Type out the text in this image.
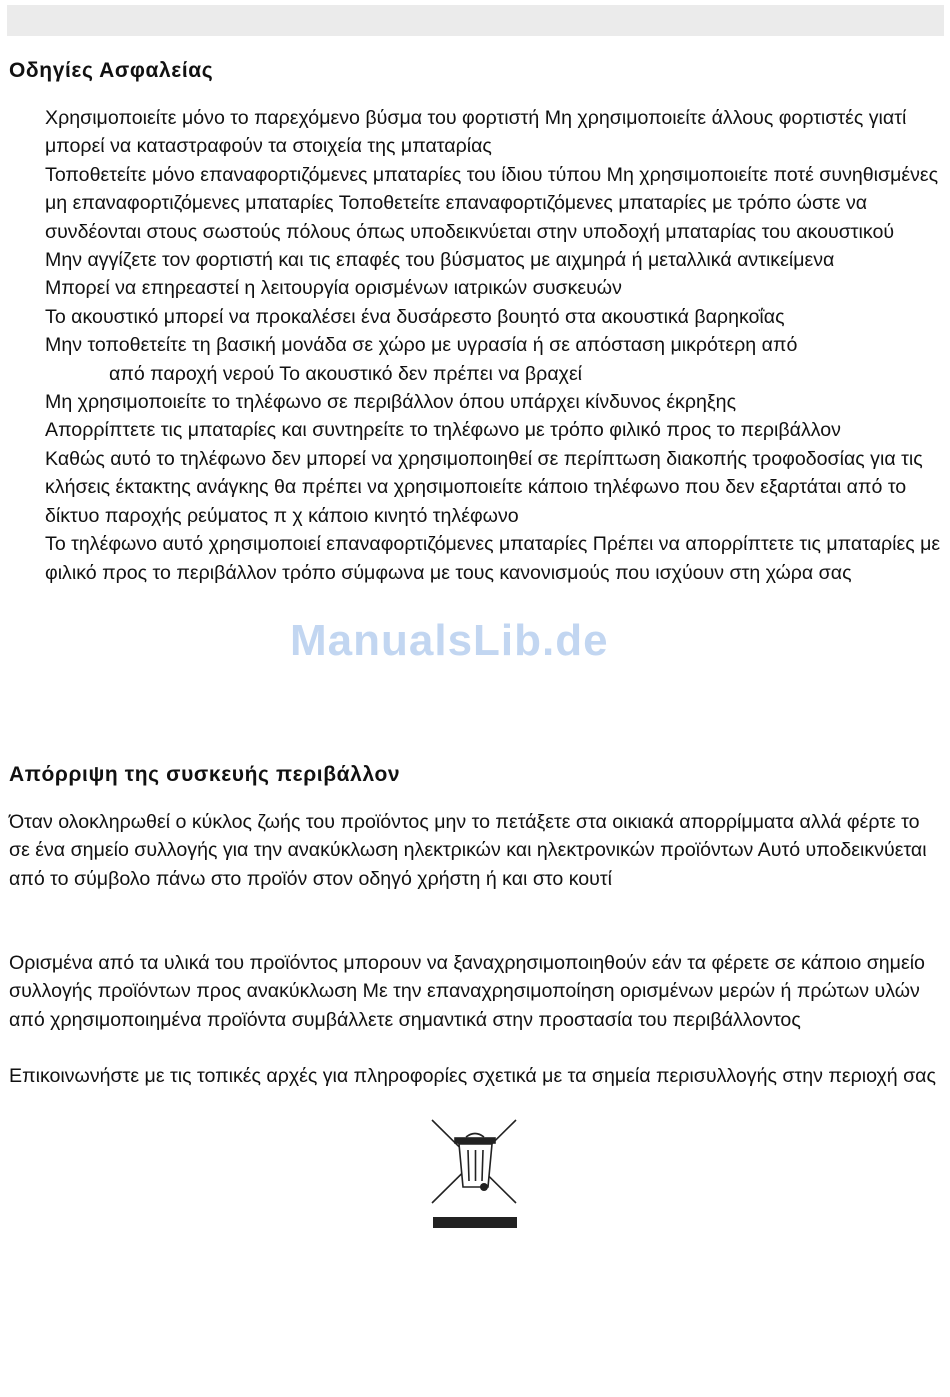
Οδηγίες Ασφαλείας
Χρησιμοποιείτε μόνο το παρεχόμενο βύσμα του φορτιστή Μη χρησιμοποιείτε άλλους φορτιστές γιατί μπορεί να καταστραφούν τα στοιχεία της μπαταρίας
Τοποθετείτε μόνο επαναφορτιζόμενες μπαταρίες του ίδιου τύπου Μη χρησιμοποιείτε ποτέ συνηθισμένες μη επαναφορτιζόμενες μπαταρίες Τοποθετείτε επαναφορτιζόμενες μπαταρίες με τρόπο ώστε να συνδέονται στους σωστούς πόλους όπως υποδεικνύεται στην υποδοχή μπαταρίας του ακουστικού
Μην αγγίζετε τον φορτιστή και τις επαφές του βύσματος με αιχμηρά ή μεταλλικά αντικείμενα
Μπορεί να επηρεαστεί η λειτουργία ορισμένων ιατρικών συσκευών
Το ακουστικό μπορεί να προκαλέσει ένα δυσάρεστο βουητό στα ακουστικά βαρηκοΐας
Μην τοποθετείτε τη βασική μονάδα σε χώρο με υγρασία ή σε απόσταση μικρότερη από
από παροχή νερού Το ακουστικό δεν πρέπει να βραχεί
Μη χρησιμοποιείτε το τηλέφωνο σε περιβάλλον όπου υπάρχει κίνδυνος έκρηξης
Απορρίπτετε τις μπαταρίες και συντηρείτε το τηλέφωνο με τρόπο φιλικό προς το περιβάλλον
Καθώς αυτό το τηλέφωνο δεν μπορεί να χρησιμοποιηθεί σε περίπτωση διακοπής τροφοδοσίας για τις κλήσεις έκτακτης ανάγκης θα πρέπει να χρησιμοποιείτε κάποιο τηλέφωνο που δεν εξαρτάται από το δίκτυο παροχής ρεύματος π χ κάποιο κινητό τηλέφωνο
Το τηλέφωνο αυτό χρησιμοποιεί επαναφορτιζόμενες μπαταρίες Πρέπει να απορρίπτετε τις μπαταρίες με φιλικό προς το περιβάλλον τρόπο σύμφωνα με τους κανονισμούς που ισχύουν στη χώρα σας
ManualsLib.de
Απόρριψη της συσκευής περιβάλλον

Όταν ολοκληρωθεί ο κύκλος ζωής του προϊόντος μην το πετάξετε στα οικιακά απορρίμματα αλλά φέρτε το σε ένα σημείο συλλογής για την ανακύκλωση ηλεκτρικών και ηλεκτρονικών προϊόντων Αυτό υποδεικνύεται από το σύμβολο πάνω στο προϊόν στον οδηγό χρήστη ή και στο κουτί

Ορισμένα από τα υλικά του προϊόντος μπορουν να ξαναχρησιμοποιηθούν εάν τα φέρετε σε κάποιο σημείο συλλογής προϊόντων προς ανακύκλωση Με την επαναχρησιμοποίηση ορισμένων μερών ή πρώτων υλών από χρησιμοποιημένα προϊόντα συμβάλλετε σημαντικά στην προστασία του περιβάλλοντος

Επικοινωνήστε με τις τοπικές αρχές για πληροφορίες σχετικά με τα σημεία περισυλλογής στην περιοχή σας
